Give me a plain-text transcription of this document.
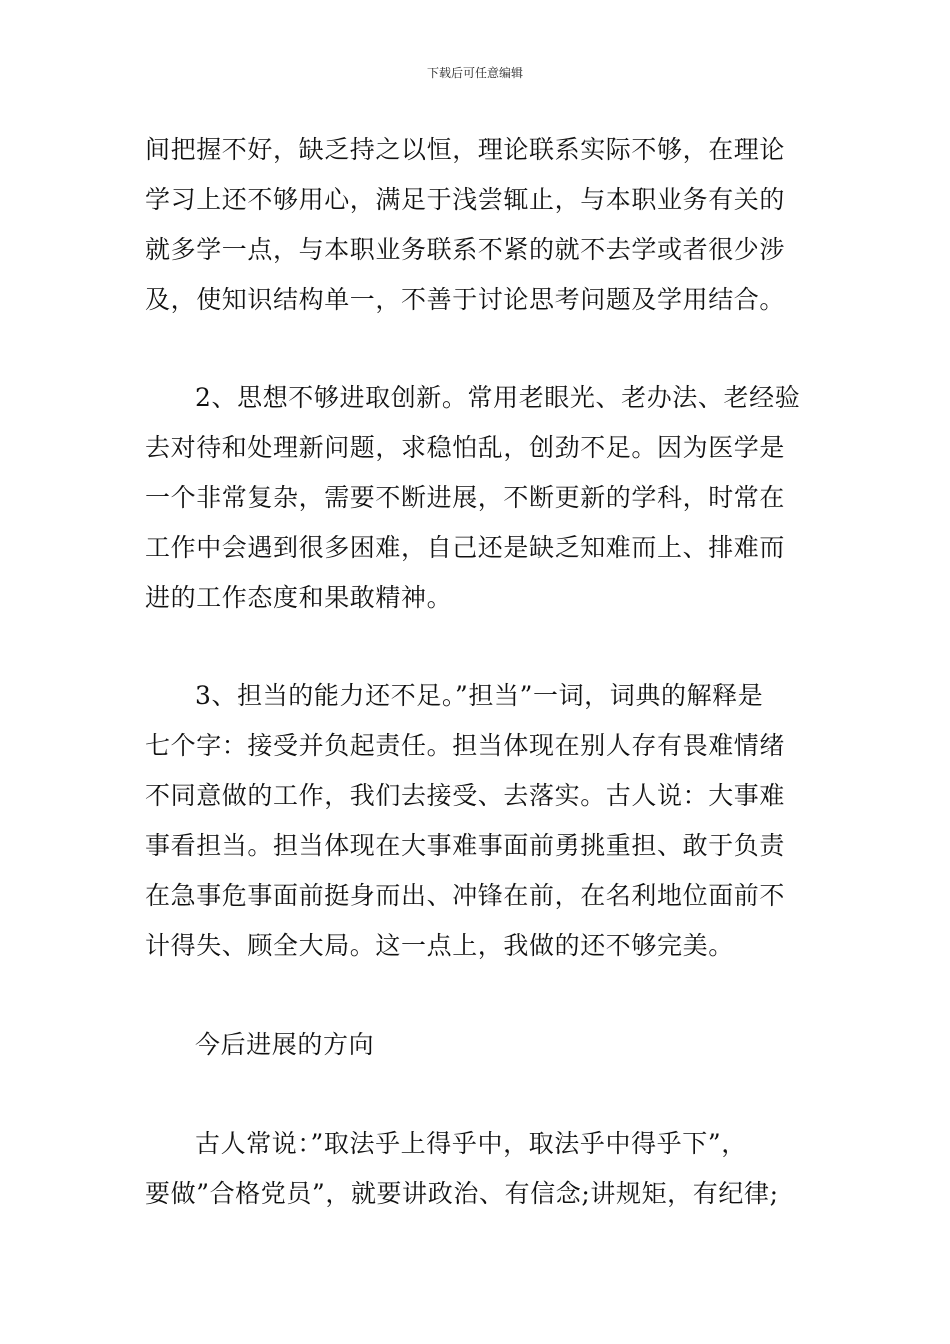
下载后可任意编辑
间把握不好，缺乏持之以恒，理论联系实际不够，在理论
学习上还不够用心，满足于浅尝辄止，与本职业务有关的
就多学一点，与本职业务联系不紧的就不去学或者很少涉
及，使知识结构单一，不善于讨论思考问题及学用结合。
2、思想不够进取创新。常用老眼光、老办法、老经验
去对待和处理新问题，求稳怕乱，创劲不足。因为医学是
一个非常复杂，需要不断进展，不断更新的学科，时常在
工作中会遇到很多困难，自己还是缺乏知难而上、排难而
进的工作态度和果敢精神。
3、担当的能力还不足。”担当”一词，词典的解释是
七个字：接受并负起责任。担当体现在别人存有畏难情绪
不同意做的工作，我们去接受、去落实。古人说：大事难
事看担当。担当体现在大事难事面前勇挑重担、敢于负责
在急事危事面前挺身而出、冲锋在前，在名利地位面前不
计得失、顾全大局。这一点上，我做的还不够完美。
今后进展的方向
古人常说：”取法乎上得乎中，取法乎中得乎下”，
要做”合格党员”，就要讲政治、有信念;讲规矩，有纪律;
